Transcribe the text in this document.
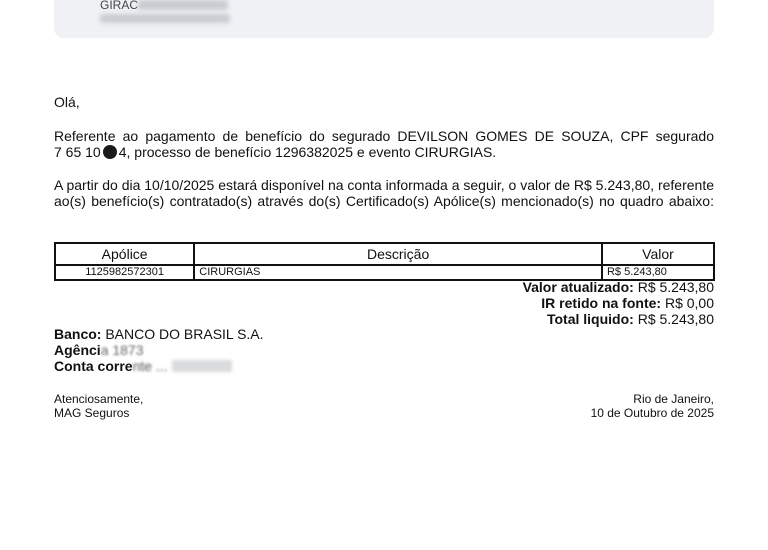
GIRAC
Olá,
Referente ao pagamento de benefício do segurado DEVILSON GOMES DE SOUZA, CPF segurado
7 65 10 4, processo de benefício 1296382025 e evento CIRURGIAS.
A partir do dia 10/10/2025 estará disponível na conta informada a seguir, o valor de R$ 5.243,80, referente ao(s) benefício(s) contratado(s) através do(s) Certificado(s) Apólice(s) mencionado(s) no quadro abaixo:
Apólice	Descrição	Valor
1125982572301	CIRURGIAS	R$ 5.243,80
Valor atualizado: R$ 5.243,80
IR retido na fonte: R$ 0,00
Total liquido: R$ 5.243,80
Banco: BANCO DO BRASIL S.A.
Agência 1873
Conta corrente ...
Atenciosamente,
MAG Seguros
Rio de Janeiro,
10 de Outubro de 2025
